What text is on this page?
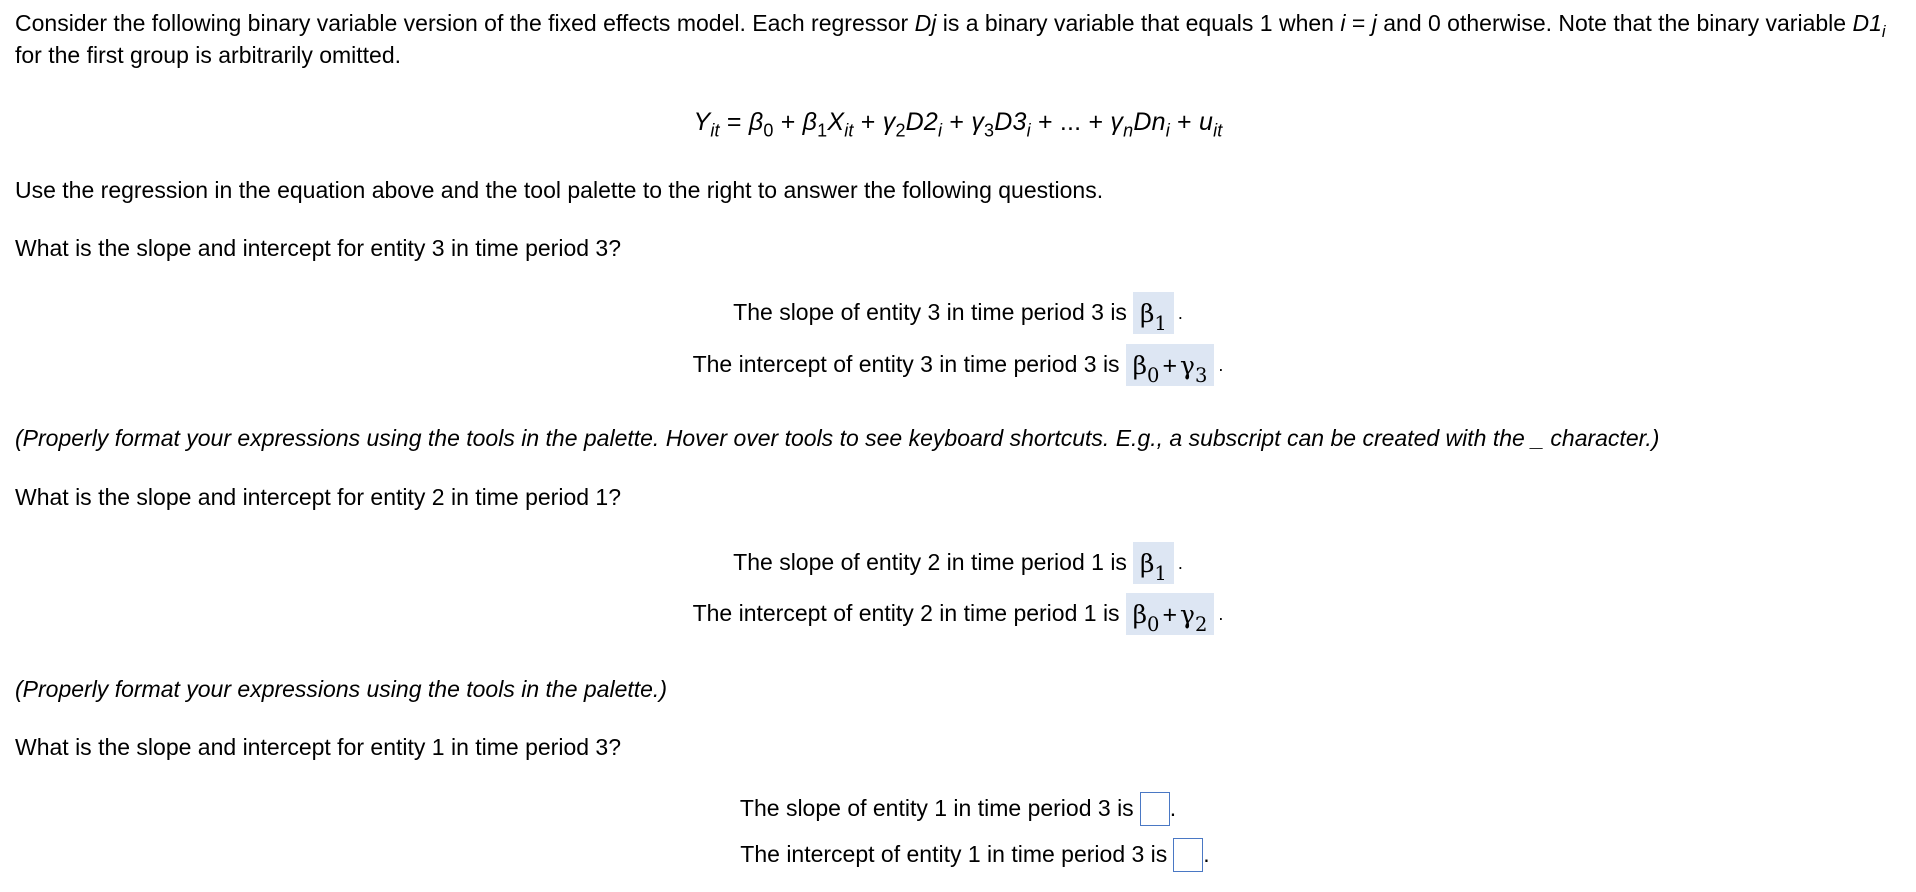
Consider the following binary variable version of the fixed effects model. Each regressor Dj is a binary variable that equals 1 when i = j and 0 otherwise. Note that the binary variable $D1_i$ for the first group is arbitrarily omitted.
$Y_{it} = \beta_0 + \beta_1X_{it} + \gamma_2D2_i + \gamma_3D3_i$ + ... + $\gamma_nDn_i + u_{it}$
Use the regression in the equation above and the tool palette to the right to answer the following questions.
What is the slope and intercept for entity 3 in time period 3?
The slope of entity 3 in time period 3 is $\beta_1$ .
The intercept of entity 3 in time period 3 is $\beta_0 + \gamma_3$ .
(Properly format your expressions using the tools in the palette. Hover over tools to see keyboard shortcuts. E.g., a subscript can be created with the _ character.)
What is the slope and intercept for entity 2 in time period 1?
The slope of entity 2 in time period 1 is $\beta_1$ .
The intercept of entity 2 in time period 1 is $\beta_0 + \gamma_2$ .
(Properly format your expressions using the tools in the palette.)
What is the slope and intercept for entity 1 in time period 3?
The slope of entity 1 in time period 3 is .
The intercept of entity 1 in time period 3 is .
